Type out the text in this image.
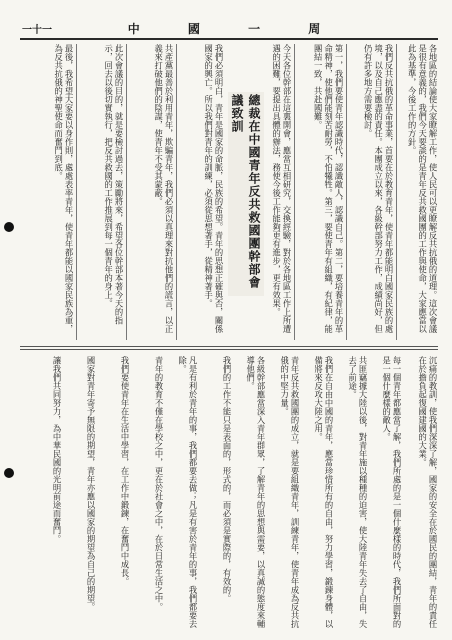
一十一	中 國 一 周
各地區的結論使大家瞭解工作，使人民可以更瞭解反共抗俄的道理。這次會議是很有意義的，我們今天要談的是青年反共救國團的工作與使命，大家應當以此為基準，今後工作的方針。
我們反共抗俄的革命事業，首要在於教育青年，使青年都能明白國家民族的處境，以及自己應盡的責任。本團成立以來，各級幹部努力工作，成績尚好，但仍有許多地方需要檢討。
第一，我們要使青年認識時代，認識敵人，認識自己。第二，要培養青年的革命精神，使他們能刻苦耐勞，不怕犧牲。第三，要使青年有組織，有紀律，能團結一致，共赴國難。
今天各位幹部在這裏開會，應當互相研究，交換經驗，對於各地區工作上所遭遇的困難，要提出具體的辦法，務使今後工作能夠更有進步，更有效果。
總裁在中國青年反共救國團幹部會議致訓
我們必須明白，青年是國家的命脈，民族的希望。青年的思想正確與否，關係國家的興亡。所以我們對青年的訓練，必須從思想著手，從精神著手。
共產黨最善於利用青年，欺騙青年，我們必須以真理來對抗他們的謊言，以正義來打破他們的陰謀，使青年不受其蒙蔽。
此次會議的目的，就是要檢討過去，策勵將來，希望各位幹部本著今天的指示，回去以後切實執行，把反共救國的工作推展到每一個青年的身上。
最後，我希望大家要以身作則，處處表率青年，使青年都能以國家民族為重，為反共抗俄的神聖使命而奮鬥到底。
沉痛的教訓，使我們深深了解，國家的安全在於國民的團結，青年的責任在於擔負起復國建國的大業。
每一個青年都應當了解，我們所處的是一個什麼樣的時代，我們所面對的是一個什麼樣的敵人。
共匪竊據大陸以後，對青年施以種種的迫害，使大陸青年失去了自由，失去了前途。
我們在自由中國的青年，應當珍惜所有的自由，努力學習，鍛鍊身體，以備將來反攻大陸之用。
青年反共救國團的成立，就是要組織青年，訓練青年，使青年成為反共抗俄的中堅力量。
各級幹部應當深入青年群眾，了解青年的思想與需要，以真誠的態度來輔導他們。
我們的工作不能只是表面的，形式的，而必須是實際的，有效的。
凡是有利於青年的事，我們都要去做；凡是有害於青年的事，我們都要去除。
青年的教育不僅在學校之中，更在於社會之中，在於日常生活之中。
我們要使青年在生活中學習，在工作中鍛鍊，在奮鬥中成長。
國家對青年寄予無限的期望，青年亦應以國家的期望為自己的期望。
讓我們共同努力，為中華民國的光明前途而奮鬥。
